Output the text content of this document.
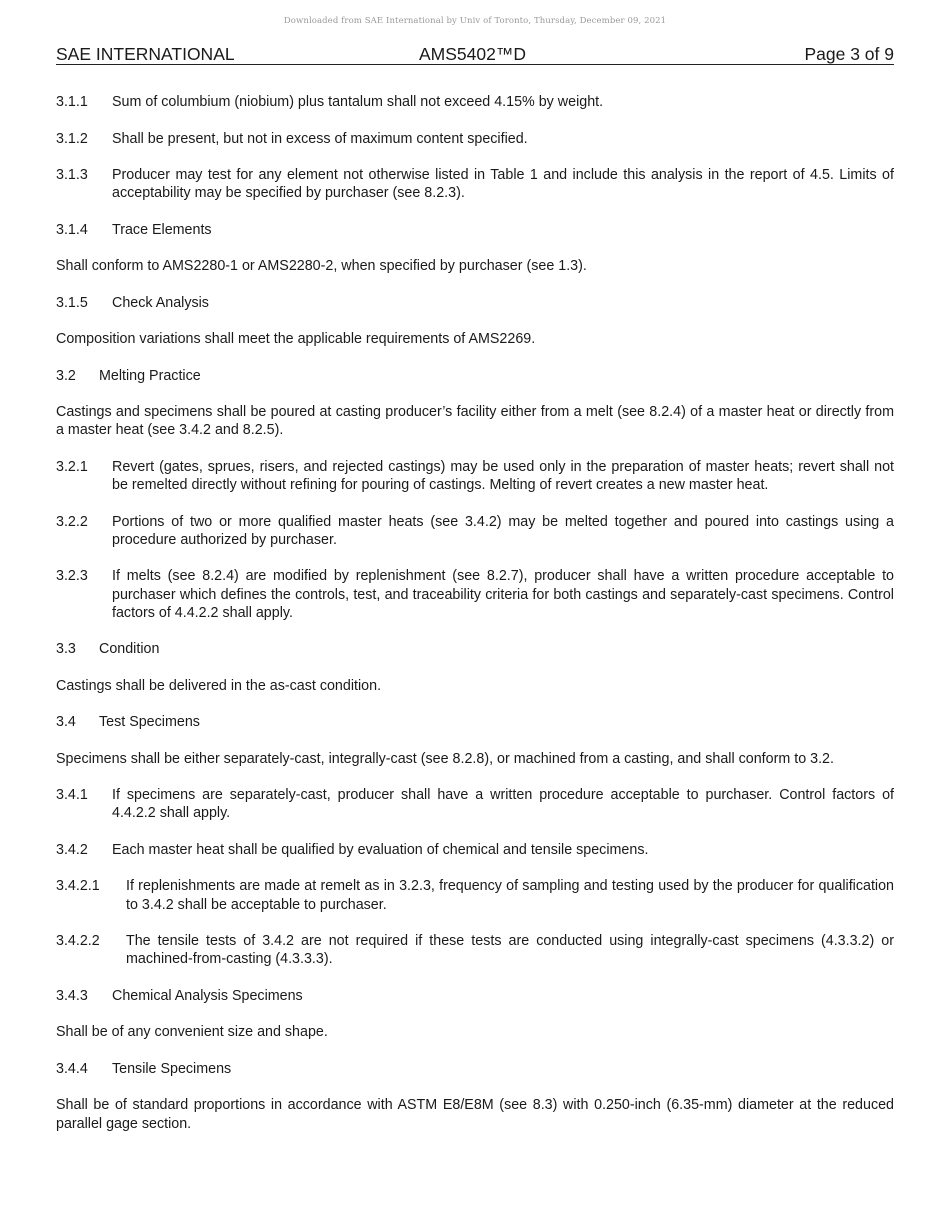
Downloaded from SAE International by Univ of Toronto, Thursday, December 09, 2021
SAE INTERNATIONAL	AMS5402™D	Page 3 of 9
3.1.1	Sum of columbium (niobium) plus tantalum shall not exceed 4.15% by weight.
3.1.2	Shall be present, but not in excess of maximum content specified.
3.1.3	Producer may test for any element not otherwise listed in Table 1 and include this analysis in the report of 4.5. Limits of acceptability may be specified by purchaser (see 8.2.3).
3.1.4	Trace Elements

Shall conform to AMS2280-1 or AMS2280-2, when specified by purchaser (see 1.3).

3.1.5	Check Analysis

Composition variations shall meet the applicable requirements of AMS2269.

3.2	Melting Practice

Castings and specimens shall be poured at casting producer’s facility either from a melt (see 8.2.4) of a master heat or directly from a master heat (see 3.4.2 and 8.2.5).

3.2.1	Revert (gates, sprues, risers, and rejected castings) may be used only in the preparation of master heats; revert shall not be remelted directly without refining for pouring of castings. Melting of revert creates a new master heat.
3.2.2	Portions of two or more qualified master heats (see 3.4.2) may be melted together and poured into castings using a procedure authorized by purchaser.
3.2.3	If melts (see 8.2.4) are modified by replenishment (see 8.2.7), producer shall have a written procedure acceptable to purchaser which defines the controls, test, and traceability criteria for both castings and separately-cast specimens. Control factors of 4.4.2.2 shall apply.
3.3	Condition

Castings shall be delivered in the as-cast condition.

3.4	Test Specimens

Specimens shall be either separately-cast, integrally-cast (see 8.2.8), or machined from a casting, and shall conform to 3.2.

3.4.1	If specimens are separately-cast, producer shall have a written procedure acceptable to purchaser. Control factors of 4.4.2.2 shall apply.
3.4.2	Each master heat shall be qualified by evaluation of chemical and tensile specimens.
3.4.2.1	If replenishments are made at remelt as in 3.2.3, frequency of sampling and testing used by the producer for qualification to 3.4.2 shall be acceptable to purchaser.
3.4.2.2	The tensile tests of 3.4.2 are not required if these tests are conducted using integrally-cast specimens (4.3.3.2) or machined-from-casting (4.3.3.3).
3.4.3	Chemical Analysis Specimens

Shall be of any convenient size and shape.

3.4.4	Tensile Specimens

Shall be of standard proportions in accordance with ASTM E8/E8M (see 8.3) with 0.250-inch (6.35-mm) diameter at the reduced parallel gage section.
